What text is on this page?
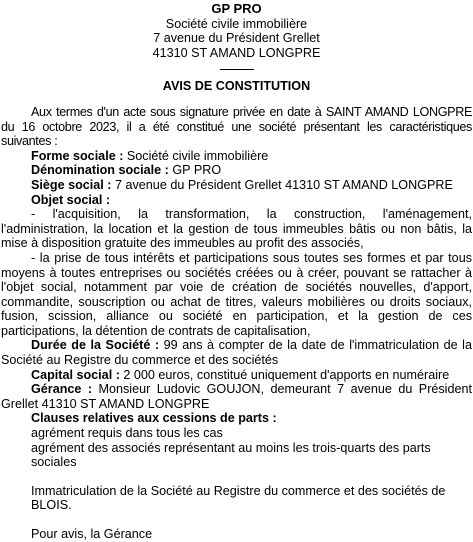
GP PRO
Société civile immobilière
7 avenue du Président Grellet
41310 ST AMAND LONGPRE
AVIS DE CONSTITUTION

Aux termes d'un acte sous signature privée en date à SAINT AMAND LONGPRE du 16 octobre 2023, il a été constitué une société présentant les caractéristiques suivantes :

Forme sociale : Société civile immobilière

Dénomination sociale : GP PRO

Siège social : 7 avenue du Président Grellet 41310 ST AMAND LONGPRE

Objet social :

- l'acquisition, la transformation, la construction, l'aménagement, l'administration, la location et la gestion de tous immeubles bâtis ou non bâtis, la mise à disposition gratuite des immeubles au profit des associés,

- la prise de tous intérêts et participations sous toutes ses formes et par tous moyens à toutes entreprises ou sociétés créées ou à créer, pouvant se rattacher à l'objet social, notamment par voie de création de sociétés nouvelles, d'apport, commandite, souscription ou achat de titres, valeurs mobilières ou droits sociaux, fusion, scission, alliance ou société en participation, et la gestion de ces participations, la détention de contrats de capitalisation,

Durée de la Société : 99 ans à compter de la date de l'immatriculation de la Société au Registre du commerce et des sociétés

Capital social : 2 000 euros, constitué uniquement d'apports en numéraire

Gérance : Monsieur Ludovic GOUJON, demeurant 7 avenue du Président Grellet 41310 ST AMAND LONGPRE

Clauses relatives aux cessions de parts :

agrément requis dans tous les cas

agrément des associés représentant au moins les trois-quarts des parts sociales

Immatriculation de la Société au Registre du commerce et des sociétés de BLOIS.

Pour avis, la Gérance
